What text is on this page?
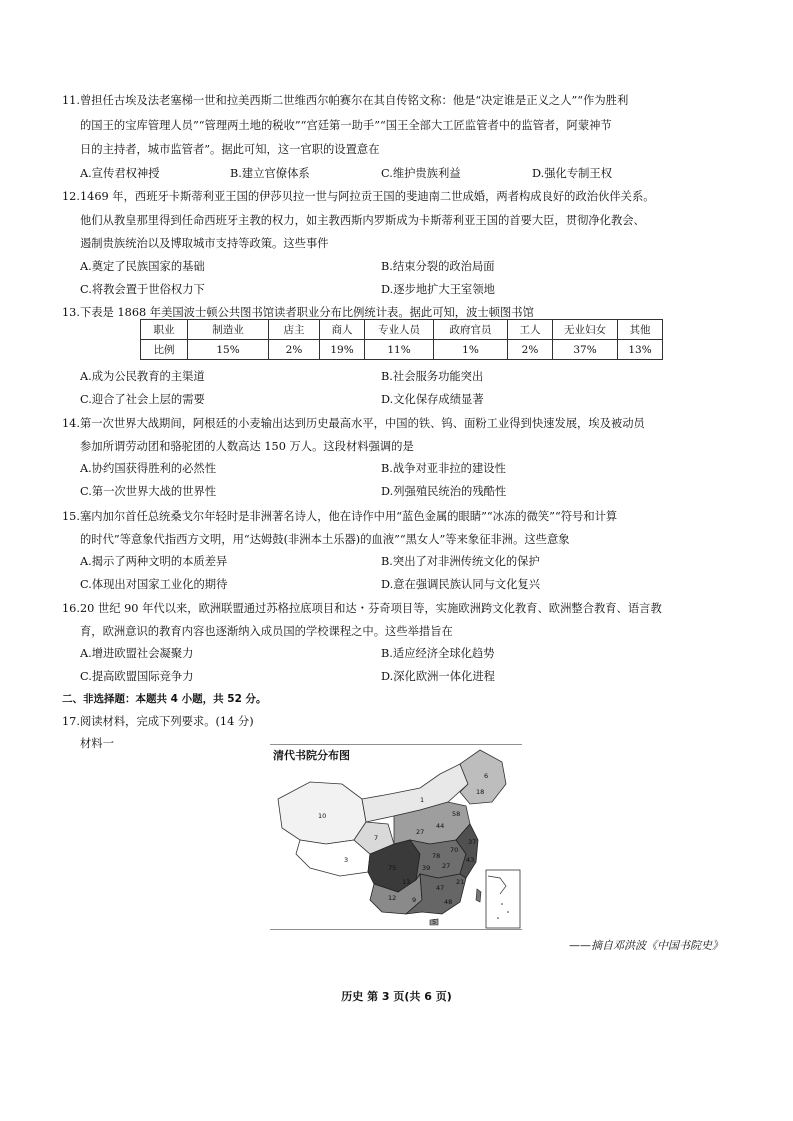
11.曾担任古埃及法老塞梯一世和拉美西斯二世维西尔帕赛尔在其自传铭文称：他是“决定谁是正义之人”“作为胜利
的国王的宝库管理人员”“管理两土地的税收”“宫廷第一助手”“国王全部大工匠监管者中的监管者，阿蒙神节
日的主持者，城市监管者”。据此可知，这一官职的设置意在
A.宣传君权神授	B.建立官僚体系	C.维护贵族利益	D.强化专制王权
12.1469 年，西班牙卡斯蒂利亚王国的伊莎贝拉一世与阿拉贡王国的斐迪南二世成婚，两者构成良好的政治伙伴关系。
他们从教皇那里得到任命西班牙主教的权力，如主教西斯内罗斯成为卡斯蒂利亚王国的首要大臣，贯彻净化教会、
遏制贵族统治以及博取城市支持等政策。这些事件
A.奠定了民族国家的基础	B.结束分裂的政治局面
C.将教会置于世俗权力下	D.逐步地扩大王室领地
13.下表是 1868 年美国波士顿公共图书馆读者职业分布比例统计表。据此可知，波士顿图书馆
职业	制造业	店主	商人	专业人员	政府官员	工人	无业妇女	其他
比例	15%	2%	19%	11%	1%	2%	37%	13%
A.成为公民教育的主渠道	B.社会服务功能突出
C.迎合了社会上层的需要	D.文化保存成绩显著
14.第一次世界大战期间，阿根廷的小麦输出达到历史最高水平，中国的铁、钨、面粉工业得到快速发展，埃及被动员
参加所谓劳动团和骆驼团的人数高达 150 万人。这段材料强调的是
A.协约国获得胜利的必然性	B.战争对亚非拉的建设性
C.第一次世界大战的世界性	D.列强殖民统治的残酷性
15.塞内加尔首任总统桑戈尔年轻时是非洲著名诗人，他在诗作中用“蓝色金属的眼睛”“冰冻的微笑”“符号和计算
的时代”等意象代指西方文明，用“达姆鼓(非洲本土乐器)的血液”“黑女人”等来象征非洲。这些意象
A.揭示了两种文明的本质差异	B.突出了对非洲传统文化的保护
C.体现出对国家工业化的期待	D.意在强调民族认同与文化复兴
16.20 世纪 90 年代以来，欧洲联盟通过苏格拉底项目和达・芬奇项目等，实施欧洲跨文化教育、欧洲整合教育、语言教
育，欧洲意识的教育内容也逐渐纳入成员国的学校课程之中。这些举措旨在
A.增进欧盟社会凝聚力	B.适应经济全球化趋势
C.提高欧盟国际竞争力	D.深化欧洲一体化进程
二、非选择题：本题共 4 小题，共 52 分。
17.阅读材料，完成下列要求。(14 分)
材料一
清代书院分布图
10
3
7
1
6
18
58
44
27
37
75
78
70
43
27
39
13	21
47
12 9	48
5
——摘自邓洪波《中国书院史》
历史 第 3 页(共 6 页)
